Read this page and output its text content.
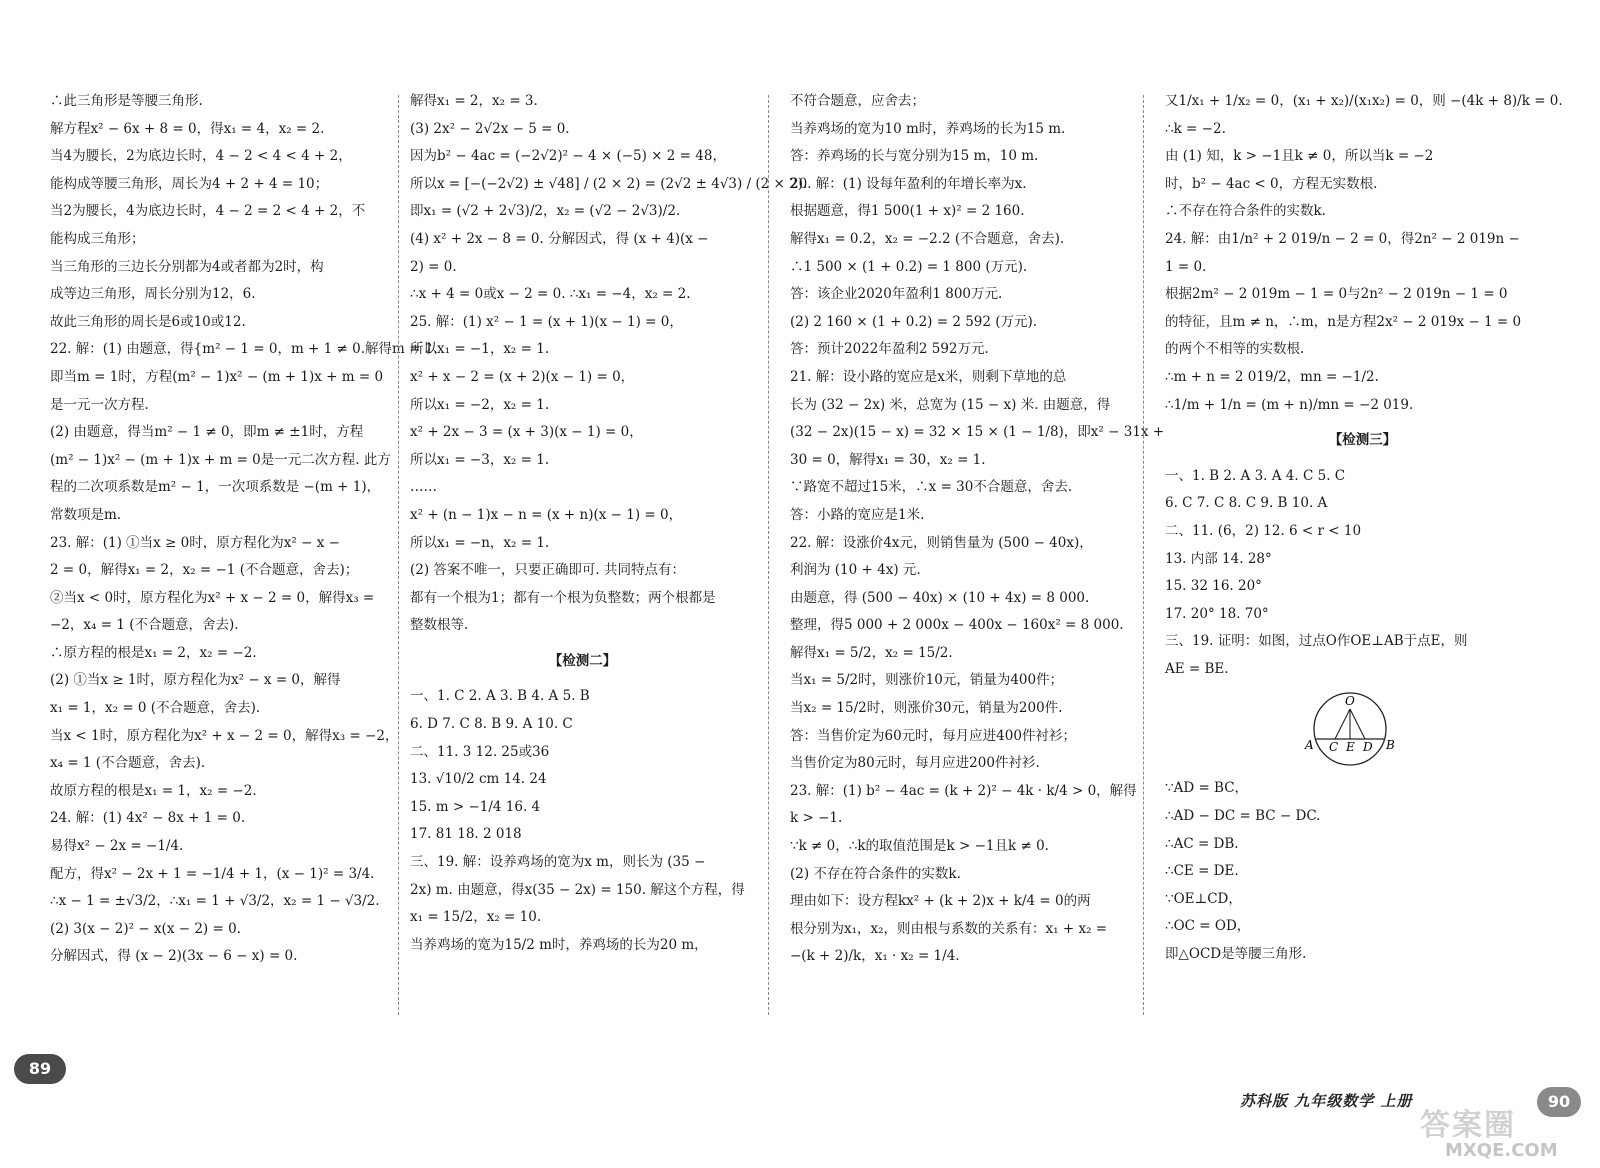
∴此三角形是等腰三角形.
解方程x² − 6x + 8 = 0，得x₁ = 4，x₂ = 2.
当4为腰长，2为底边长时，4 − 2 < 4 < 4 + 2，
能构成等腰三角形，周长为4 + 2 + 4 = 10；
当2为腰长，4为底边长时，4 − 2 = 2 < 4 + 2，不
能构成三角形；
当三角形的三边长分别都为4或者都为2时，构
成等边三角形，周长分别为12，6.
故此三角形的周长是6或10或12.
22. 解：(1) 由题意，得{m² − 1 = 0，m + 1 ≠ 0.解得m = 1.
即当m = 1时，方程(m² − 1)x² − (m + 1)x + m = 0
是一元一次方程.
(2) 由题意，得当m² − 1 ≠ 0，即m ≠ ±1时，方程
(m² − 1)x² − (m + 1)x + m = 0是一元二次方程. 此方
程的二次项系数是m² − 1，一次项系数是 −(m + 1)，
常数项是m.
23. 解：(1) ①当x ≥ 0时，原方程化为x² − x −
2 = 0，解得x₁ = 2，x₂ = −1 (不合题意，舍去)；
②当x < 0时，原方程化为x² + x − 2 = 0，解得x₃ =
−2，x₄ = 1 (不合题意，舍去).
∴原方程的根是x₁ = 2，x₂ = −2.
(2) ①当x ≥ 1时，原方程化为x² − x = 0，解得
x₁ = 1，x₂ = 0 (不合题意，舍去).
当x < 1时，原方程化为x² + x − 2 = 0，解得x₃ = −2，
x₄ = 1 (不合题意，舍去).
故原方程的根是x₁ = 1，x₂ = −2.
24. 解：(1) 4x² − 8x + 1 = 0.
易得x² − 2x = −1/4.
配方，得x² − 2x + 1 = −1/4 + 1，(x − 1)² = 3/4.
∴x − 1 = ±√3/2，∴x₁ = 1 + √3/2，x₂ = 1 − √3/2.
(2) 3(x − 2)² − x(x − 2) = 0.
分解因式，得 (x − 2)(3x − 6 − x) = 0.
解得x₁ = 2，x₂ = 3.
(3) 2x² − 2√2x − 5 = 0.
因为b² − 4ac = (−2√2)² − 4 × (−5) × 2 = 48，
所以x = [−(−2√2) ± √48] / (2 × 2) = (2√2 ± 4√3) / (2 × 2).
即x₁ = (√2 + 2√3)/2，x₂ = (√2 − 2√3)/2.
(4) x² + 2x − 8 = 0. 分解因式，得 (x + 4)(x −
2) = 0.
∴x + 4 = 0或x − 2 = 0. ∴x₁ = −4，x₂ = 2.
25. 解：(1) x² − 1 = (x + 1)(x − 1) = 0，
所以x₁ = −1，x₂ = 1.
x² + x − 2 = (x + 2)(x − 1) = 0，
所以x₁ = −2，x₂ = 1.
x² + 2x − 3 = (x + 3)(x − 1) = 0，
所以x₁ = −3，x₂ = 1.
……
x² + (n − 1)x − n = (x + n)(x − 1) = 0，
所以x₁ = −n，x₂ = 1.
(2) 答案不唯一，只要正确即可. 共同特点有：
都有一个根为1；都有一个根为负整数；两个根都是
整数根等.
【检测二】
一、1. C 2. A 3. B 4. A 5. B
6. D 7. C 8. B 9. A 10. C
二、11. 3 12. 25或36
13. √10/2 cm 14. 24
15. m > −1/4 16. 4
17. 81 18. 2 018
三、19. 解：设养鸡场的宽为x m，则长为 (35 −
2x) m. 由题意，得x(35 − 2x) = 150. 解这个方程，得
x₁ = 15/2，x₂ = 10.
当养鸡场的宽为15/2 m时，养鸡场的长为20 m，
不符合题意，应舍去；
当养鸡场的宽为10 m时，养鸡场的长为15 m.
答：养鸡场的长与宽分别为15 m，10 m.
20. 解：(1) 设每年盈利的年增长率为x.
根据题意，得1 500(1 + x)² = 2 160.
解得x₁ = 0.2，x₂ = −2.2 (不合题意，舍去).
∴1 500 × (1 + 0.2) = 1 800 (万元).
答：该企业2020年盈利1 800万元.
(2) 2 160 × (1 + 0.2) = 2 592 (万元).
答：预计2022年盈利2 592万元.
21. 解：设小路的宽应是x米，则剩下草地的总
长为 (32 − 2x) 米，总宽为 (15 − x) 米. 由题意，得
(32 − 2x)(15 − x) = 32 × 15 × (1 − 1/8)，即x² − 31x +
30 = 0，解得x₁ = 30，x₂ = 1.
∵路宽不超过15米，∴x = 30不合题意，舍去.
答：小路的宽应是1米.
22. 解：设涨价4x元，则销售量为 (500 − 40x)，
利润为 (10 + 4x) 元.
由题意，得 (500 − 40x) × (10 + 4x) = 8 000.
整理，得5 000 + 2 000x − 400x − 160x² = 8 000.
解得x₁ = 5/2，x₂ = 15/2.
当x₁ = 5/2时，则涨价10元，销量为400件；
当x₂ = 15/2时，则涨价30元，销量为200件.
答：当售价定为60元时，每月应进400件衬衫；
当售价定为80元时，每月应进200件衬衫.
23. 解：(1) b² − 4ac = (k + 2)² − 4k · k/4 > 0，解得
k > −1.
∵k ≠ 0，∴k的取值范围是k > −1且k ≠ 0.
(2) 不存在符合条件的实数k.
理由如下：设方程kx² + (k + 2)x + k/4 = 0的两
根分别为x₁，x₂，则由根与系数的关系有：x₁ + x₂ =
−(k + 2)/k，x₁ · x₂ = 1/4.
又1/x₁ + 1/x₂ = 0，(x₁ + x₂)/(x₁x₂) = 0，则 −(4k + 8)/k = 0.
∴k = −2.
由 (1) 知，k > −1且k ≠ 0，所以当k = −2
时，b² − 4ac < 0，方程无实数根.
∴不存在符合条件的实数k.
24. 解：由1/n² + 2 019/n − 2 = 0，得2n² − 2 019n −
1 = 0.
根据2m² − 2 019m − 1 = 0与2n² − 2 019n − 1 = 0
的特征，且m ≠ n，∴m，n是方程2x² − 2 019x − 1 = 0
的两个不相等的实数根.
∴m + n = 2 019/2，mn = −1/2.
∴1/m + 1/n = (m + n)/mn = −2 019.
【检测三】
一、1. B 2. A 3. A 4. C 5. C
6. C 7. C 8. C 9. B 10. A
二、11. (6，2) 12. 6 < r < 10
13. 内部 14. 28°
15. 32 16. 20°
17. 20° 18. 70°
三、19. 证明：如图，过点O作OE⊥AB于点E，则
AE = BE.
O
A C E D B
∵AD = BC，
∴AD − DC = BC − DC.
∴AC = DB.
∴CE = DE.
∵OE⊥CD，
∴OC = OD，
即△OCD是等腰三角形.
89
苏科版 九年级数学 上册	90
答案圈
MXQE.COM
